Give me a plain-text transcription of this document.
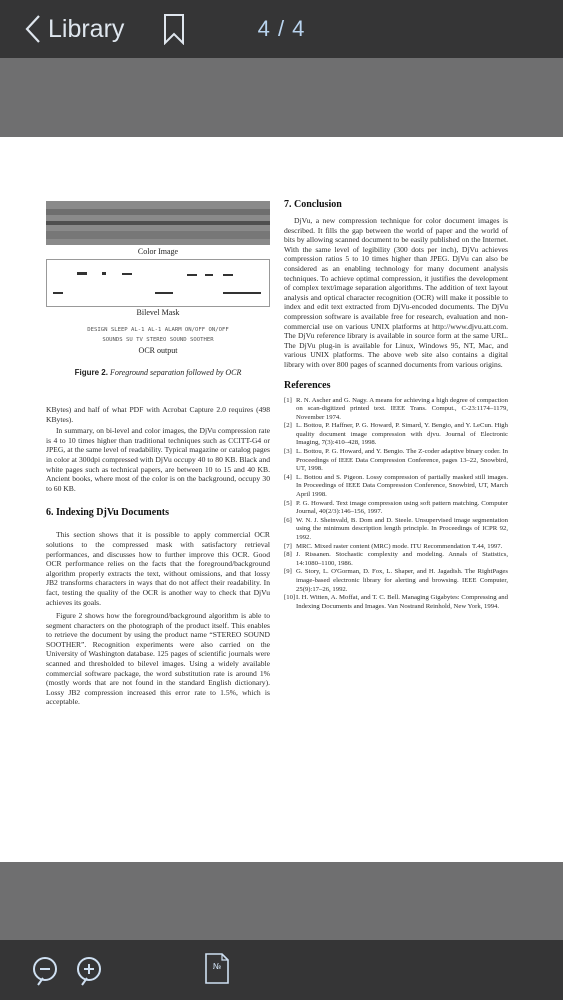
Library	4 / 4
Color Image
Bilevel Mask
DESIGN SLEEP AL-1 AL-1 ALARM ON/OFF ON/OFF
SOUNDS SU TV STEREO SOUND SOOTHER
OCR output
Figure 2. Foreground separation followed by OCR

KBytes) and half of what PDF with Acrobat Capture 2.0 requires (498 KBytes).

In summary, on bi-level and color images, the DjVu compression rate is 4 to 10 times higher than traditional techniques such as CCITT-G4 or JPEG, at the same level of readability. Typical magazine or catalog pages in color at 300dpi compressed with DjVu occupy 40 to 80 KB. Black and white pages such as technical papers, are between 10 to 15 and 40 KB. Ancient books, where most of the color is on the background, occupy 30 to 60 KB.

6. Indexing DjVu Documents

This section shows that it is possible to apply commercial OCR solutions to the compressed mask with satisfactory retrieval performances, and discusses how to further improve this OCR. Good OCR performance relies on the facts that the foreground/background algorithm properly extracts the text, without omissions, and that lossy JB2 transforms characters in ways that do not affect their readability. In fact, testing the quality of the OCR is another way to check that DjVu achieves its goals.

Figure 2 shows how the foreground/background algorithm is able to segment characters on the photograph of the product itself. This enables to retrieve the document by using the product name “STEREO SOUND SOOTHER”. Recognition experiments were also carried on the University of Washington database. 125 pages of scientific journals were scanned and thresholded to bilevel images. Using a widely available commercial software package, the word substitution rate is around 1% (mostly words that are not found in the standard English dictionary). Lossy JB2 compression increased this error rate to 1.5%, which is acceptable.

7. Conclusion

DjVu, a new compression technique for color document images is described. It fills the gap between the world of paper and the world of bits by allowing scanned document to be easily published on the Internet. With the same level of legibility (300 dots per inch), DjVu achieves compression ratios 5 to 10 times higher than JPEG. DjVu can also be considered as an enabling technology for many document analysis techniques. To achieve optimal compression, it justifies the development of complex text/image separation algorithms. The addition of text layout analysis and optical character recognition (OCR) will make it possible to index and edit text extracted from DjVu-encoded documents. The DjVu compression software is available free for research, evaluation and non-commercial use on various UNIX platforms at http://www.djvu.att.com. The DjVu reference library is available in source form at the same URL. The DjVu plug-in is available for Linux, Windows 95, NT, Mac, and various UNIX platforms. The above web site also contains a digital library with over 800 pages of scanned documents from various origins.

References
[1] R. N. Ascher and G. Nagy. A means for achieving a high degree of compaction on scan-digitized printed text. IEEE Trans. Comput., C-23:1174–1179, November 1974.
[2] L. Bottou, P. Haffner, P. G. Howard, P. Simard, Y. Bengio, and Y. LeCun. High quality document image compression with djvu. Journal of Electronic Imaging, 7(3):410–428, 1998.
[3] L. Bottou, P. G. Howard, and Y. Bengio. The Z-coder adaptive binary coder. In Proceedings of IEEE Data Compression Conference, pages 13–22, Snowbird, UT, 1998.
[4] L. Bottou and S. Pigeon. Lossy compression of partially masked still images. In Proceedings of IEEE Data Compression Conference, Snowbird, UT, March April 1998.
[5] P. G. Howard. Text image compression using soft pattern matching. Computer Journal, 40(2/3):146–156, 1997.
[6] W. N. J. Sheinvald, B. Dom and D. Steele. Unsupervised image segmentation using the minimum description length principle. In Proceedings of ICPR 92, 1992.
[7] MRC. Mixed raster content (MRC) mode. ITU Recommendation T.44, 1997.
[8] J. Rissanen. Stochastic complexity and modeling. Annals of Statistics, 14:1080–1100, 1986.
[9] G. Story, L. O'Gorman, D. Fox, L. Shaper, and H. Jagadish. The RightPages image-based electronic library for alerting and browsing. IEEE Computer, 25(9):17–26, 1992.
[10] I. H. Witten, A. Moffat, and T. C. Bell. Managing Gigabytes: Compressing and Indexing Documents and Images. Van Nostrand Reinhold, New York, 1994.
№
